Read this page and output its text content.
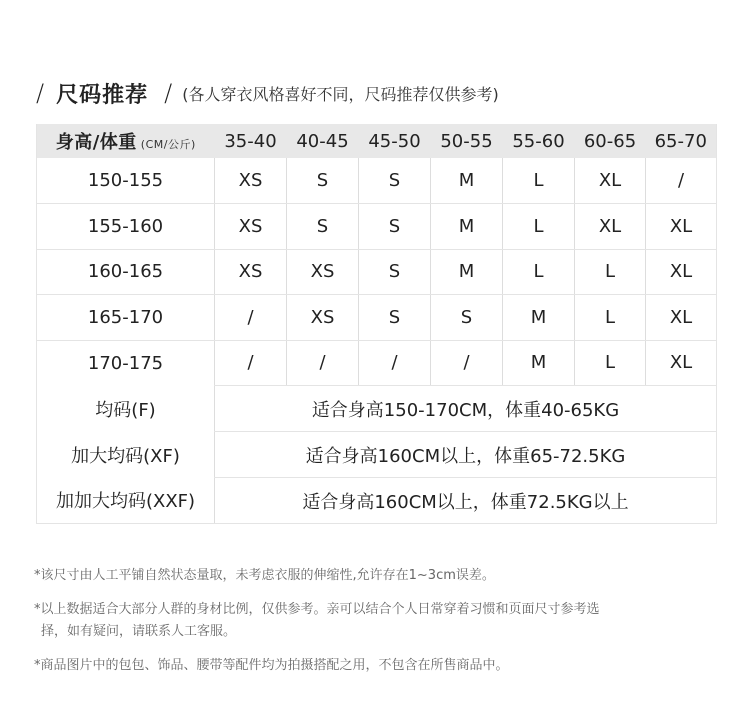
/ 尺码推荐 / (各人穿衣风格喜好不同，尺码推荐仅供参考)
身高/体重 (CM/公斤)	35-40	40-45	45-50	50-55	55-60	60-65	65-70
150-155	XS	S	S	M	L	XL	/
155-160	XS	S	S	M	L	XL	XL
160-165	XS	XS	S	M	L	L	XL
165-170	/	XS	S	S	M	L	XL
170-175	/	/	/	/	M	L	XL
均码(F)	适合身高150-170CM，体重40-65KG						
加大均码(XF)	适合身高160CM以上，体重65-72.5KG						
加加大均码(XXF)	适合身高160CM以上，体重72.5KG以上						
*该尺寸由人工平铺自然状态量取，未考虑衣服的伸缩性,允许存在1~3cm误差。
*以上数据适合大部分人群的身材比例，仅供参考。亲可以结合个人日常穿着习惯和页面尺寸参考选
择，如有疑问，请联系人工客服。
*商品图片中的包包、饰品、腰带等配件均为拍摄搭配之用，不包含在所售商品中。
